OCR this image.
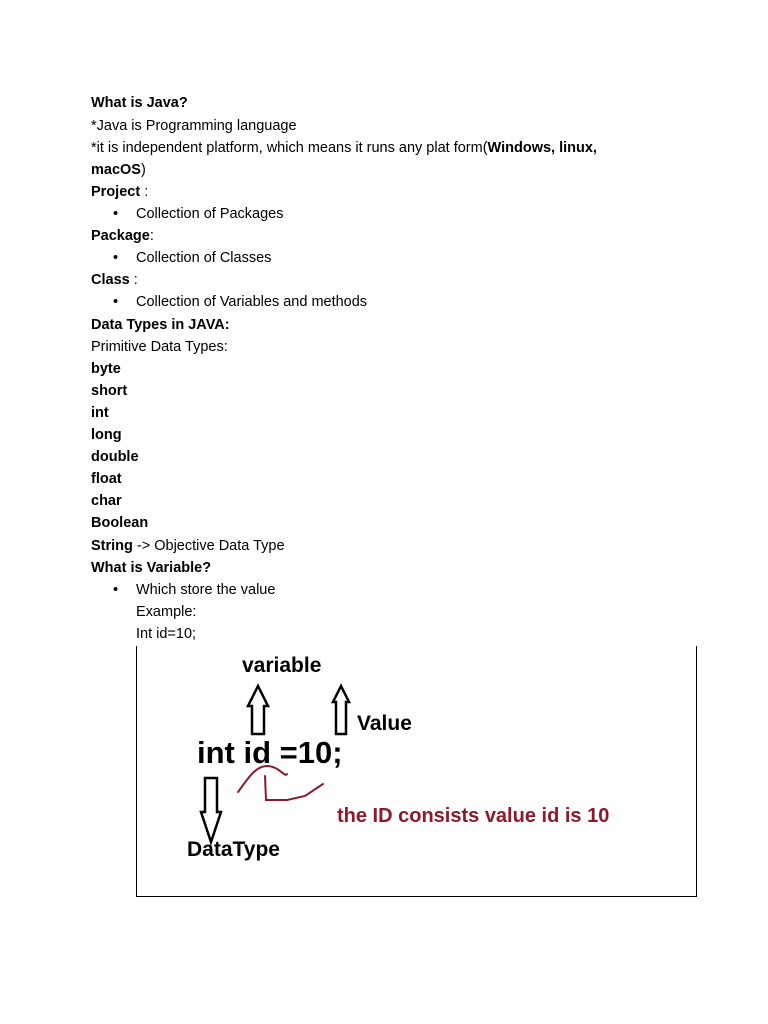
What is Java?
*Java is Programming language
*it is independent platform, which means it runs any plat form(Windows, linux,
macOS)
Project :
• Collection of Packages
Package:
• Collection of Classes
Class :
• Collection of Variables and methods
Data Types in JAVA:
Primitive Data Types:
byte
short
int
long
double
float
char
Boolean
String -> Objective Data Type
What is Variable?
• Which store the value
Example:
Int id=10;
variable
Value
int id =10;
DataType
the ID consists value id is 10
